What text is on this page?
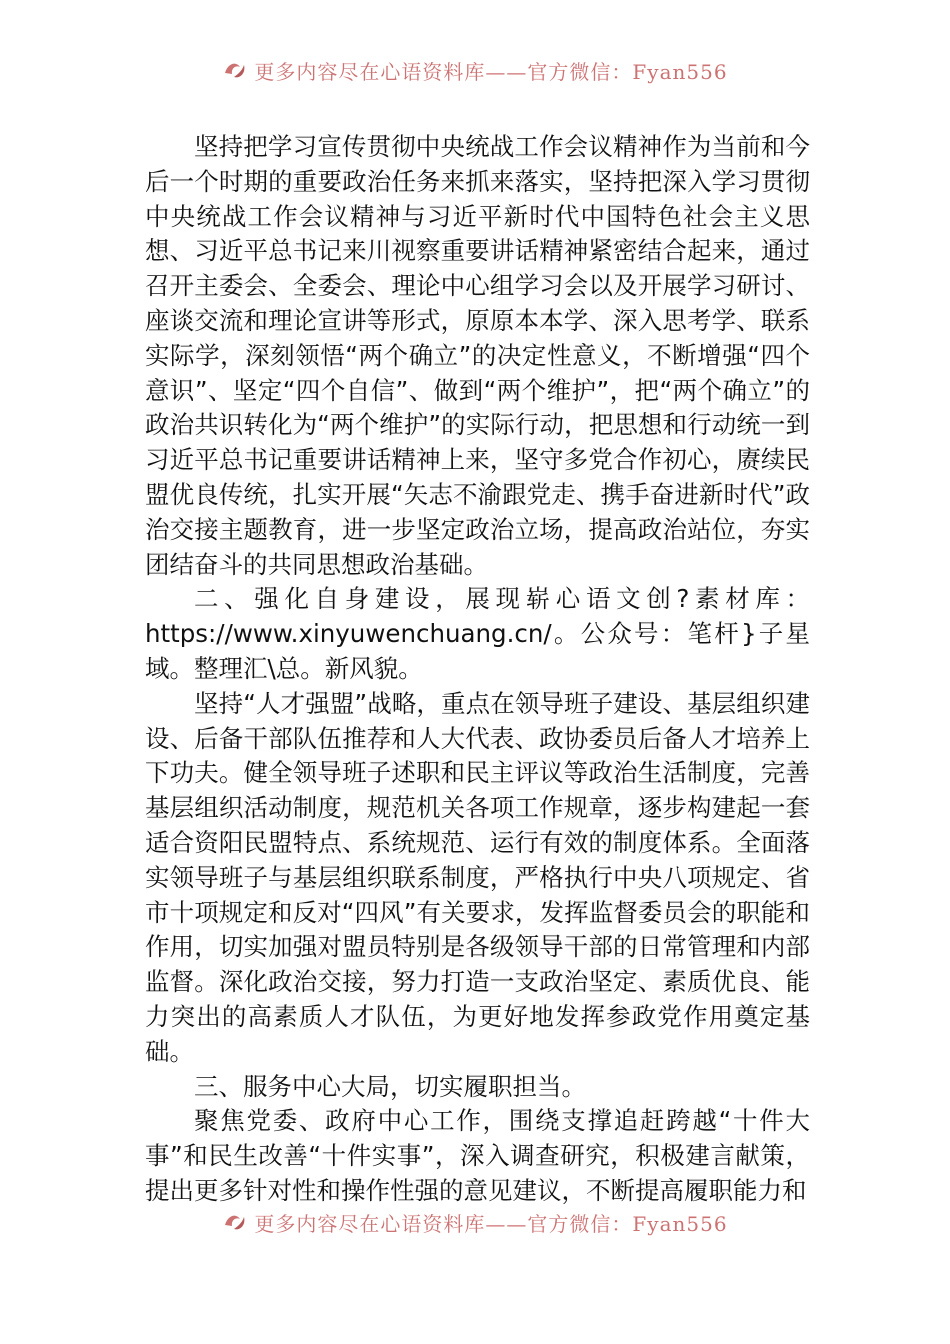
更多内容尽在心语资料库——官方微信：Fyan556

坚持把学习宣传贯彻中央统战工作会议精神作为当前和今后一个时期的重要政治任务来抓来落实，坚持把深入学习贯彻中央统战工作会议精神与习近平新时代中国特色社会主义思想、习近平总书记来川视察重要讲话精神紧密结合起来，通过召开主委会、全委会、理论中心组学习会以及开展学习研讨、座谈交流和理论宣讲等形式，原原本本学、深入思考学、联系实际学，深刻领悟“两个确立”的决定性意义，不断增强“四个意识”、坚定“四个自信”、做到“两个维护”，把“两个确立”的政治共识转化为“两个维护”的实际行动，把思想和行动统一到习近平总书记重要讲话精神上来，坚守多党合作初心，赓续民盟优良传统，扎实开展“矢志不渝跟党走、携手奋进新时代”政治交接主题教育，进一步坚定政治立场，提高政治站位，夯实团结奋斗的共同思想政治基础。

二、强化自身建设，展现崭心语文创?素材库：https://www.xinyuwenchuang.cn/。公众号：笔杆}子星域。整理汇\总。新风貌。

坚持“人才强盟”战略，重点在领导班子建设、基层组织建设、后备干部队伍推荐和人大代表、政协委员后备人才培养上下功夫。健全领导班子述职和民主评议等政治生活制度，完善基层组织活动制度，规范机关各项工作规章，逐步构建起一套适合资阳民盟特点、系统规范、运行有效的制度体系。全面落实领导班子与基层组织联系制度，严格执行中央八项规定、省市十项规定和反对“四风”有关要求，发挥监督委员会的职能和作用，切实加强对盟员特别是各级领导干部的日常管理和内部监督。深化政治交接，努力打造一支政治坚定、素质优良、能力突出的高素质人才队伍，为更好地发挥参政党作用奠定基础。

三、服务中心大局，切实履职担当。

聚焦党委、政府中心工作，围绕支撑追赶跨越“十件大事”和民生改善“十件实事”，深入调查研究，积极建言献策，提出更多针对性和操作性强的意见建议，不断提高履职能力和

更多内容尽在心语资料库——官方微信：Fyan556
